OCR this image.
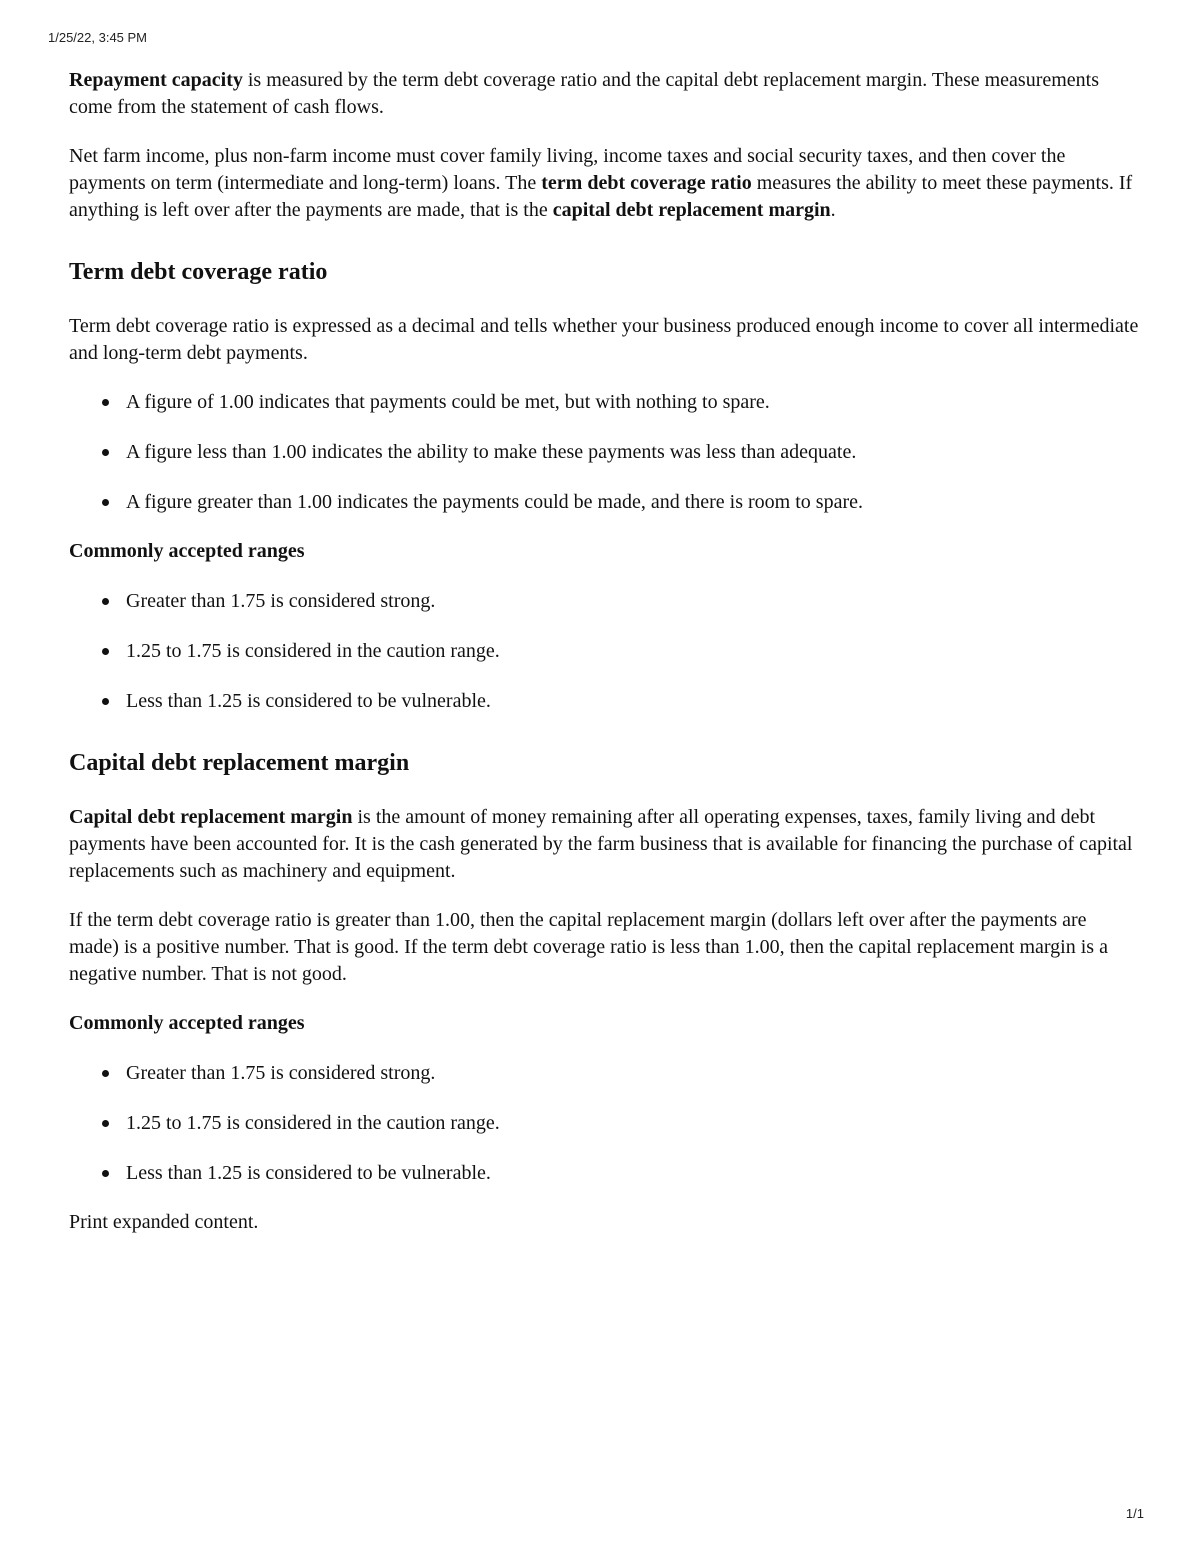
1/25/22, 3:45 PM

Repayment capacity is measured by the term debt coverage ratio and the capital debt replacement margin. These measurements come from the statement of cash flows.

Net farm income, plus non-farm income must cover family living, income taxes and social security taxes, and then cover the payments on term (intermediate and long-term) loans. The term debt coverage ratio measures the ability to meet these payments. If anything is left over after the payments are made, that is the capital debt replacement margin.

Term debt coverage ratio

Term debt coverage ratio is expressed as a decimal and tells whether your business produced enough income to cover all intermediate and long-term debt payments.

A figure of 1.00 indicates that payments could be met, but with nothing to spare.
A figure less than 1.00 indicates the ability to make these payments was less than adequate.
A figure greater than 1.00 indicates the payments could be made, and there is room to spare.
Commonly accepted ranges
Greater than 1.75 is considered strong.
1.25 to 1.75 is considered in the caution range.
Less than 1.25 is considered to be vulnerable.
Capital debt replacement margin

Capital debt replacement margin is the amount of money remaining after all operating expenses, taxes, family living and debt payments have been accounted for. It is the cash generated by the farm business that is available for financing the purchase of capital replacements such as machinery and equipment.

If the term debt coverage ratio is greater than 1.00, then the capital replacement margin (dollars left over after the payments are made) is a positive number. That is good. If the term debt coverage ratio is less than 1.00, then the capital replacement margin is a negative number. That is not good.

Commonly accepted ranges
Greater than 1.75 is considered strong.
1.25 to 1.75 is considered in the caution range.
Less than 1.25 is considered to be vulnerable.

Print expanded content.

1/1
